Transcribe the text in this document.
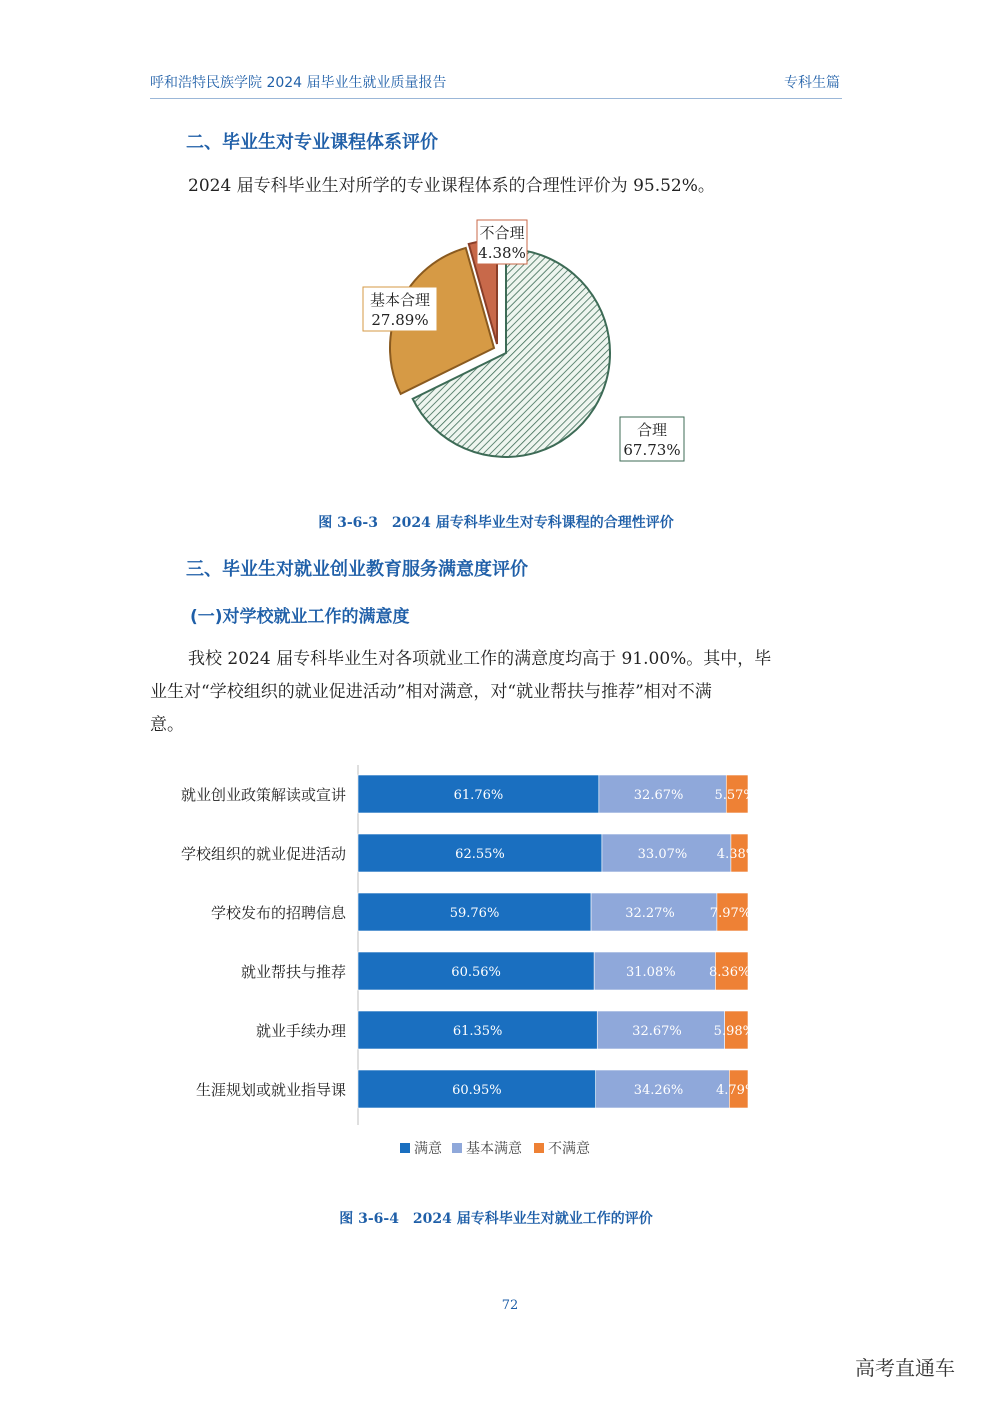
呼和浩特民族学院 2024 届毕业生就业质量报告	专科生篇
二、毕业生对专业课程体系评价
2024 届专科毕业生对所学的专业课程体系的合理性评价为 95.52%。
合理
67.73%
基本合理
27.89%
不合理
4.38%
图 3-6-3　2024 届专科毕业生对专科课程的合理性评价
三、毕业生对就业创业教育服务满意度评价
(一)对学校就业工作的满意度
我校 2024 届专科毕业生对各项就业工作的满意度均高于 91.00%。其中，毕
业生对“学校组织的就业促进活动”相对满意，对“就业帮扶与推荐”相对不满
意。
就业创业政策解读或宣讲	61.76%	32.67% 5.57%
学校组织的就业促进活动	62.55%	33.07% 4.38%
学校发布的招聘信息	59.76%	32.27%	7.97%
就业帮扶与推荐	60.56%	31.08%	8.36%
就业手续办理	61.35%	32.67% 5.98%
生涯规划或就业指导课	60.95%	34.26%	4.79%
满意 基本满意 不满意
图 3-6-4　2024 届专科毕业生对就业工作的评价
72
高考直通车
